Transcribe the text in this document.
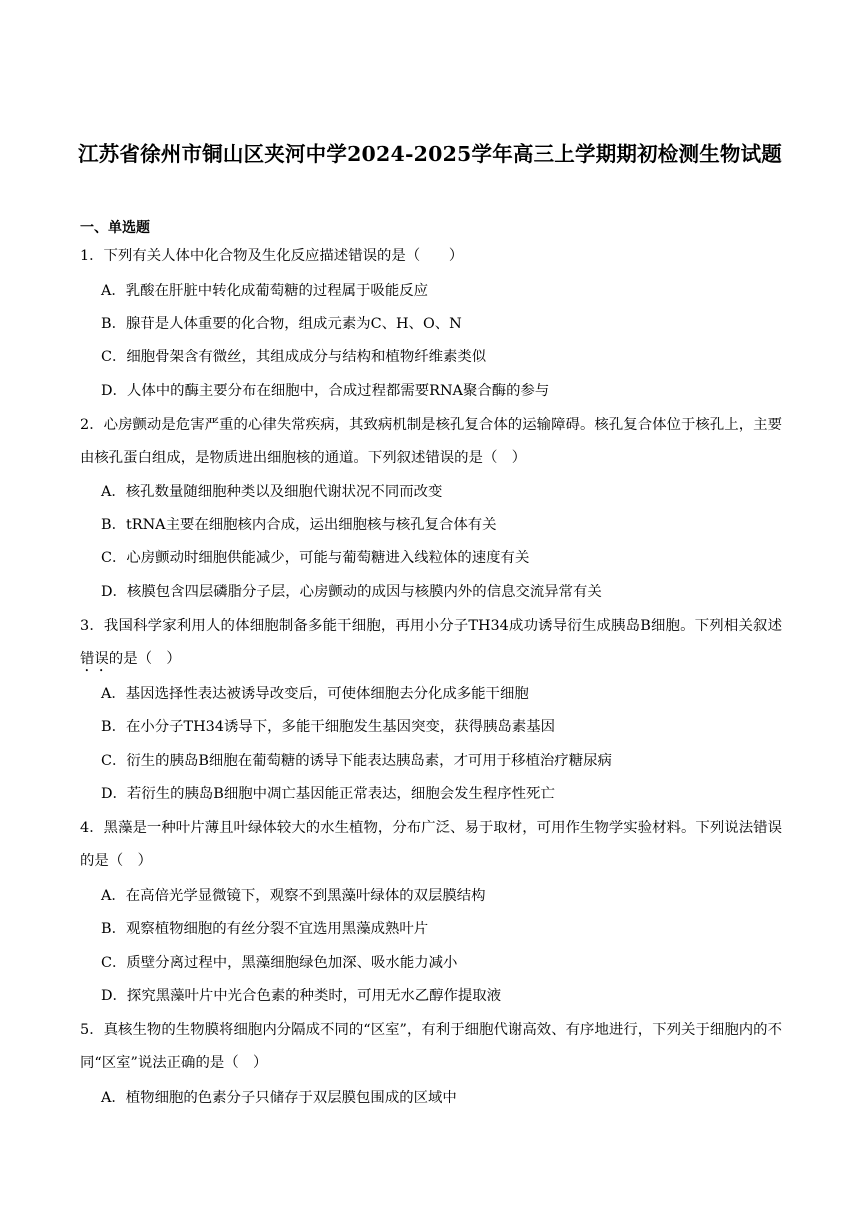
江苏省徐州市铜山区夹河中学2024-2025学年高三上学期期初检测生物试题
一、单选题
1．下列有关人体中化合物及生化反应描述错误的是（　　）
A．乳酸在肝脏中转化成葡萄糖的过程属于吸能反应
B．腺苷是人体重要的化合物，组成元素为C、H、O、N
C．细胞骨架含有微丝，其组成成分与结构和植物纤维素类似
D．人体中的酶主要分布在细胞中，合成过程都需要RNA聚合酶的参与
2．心房颤动是危害严重的心律失常疾病，其致病机制是核孔复合体的运输障碍。核孔复合体位于核孔上，主要由核孔蛋白组成，是物质进出细胞核的通道。下列叙述错误的是（　）
A．核孔数量随细胞种类以及细胞代谢状况不同而改变
B．tRNA主要在细胞核内合成，运出细胞核与核孔复合体有关
C．心房颤动时细胞供能减少，可能与葡萄糖进入线粒体的速度有关
D．核膜包含四层磷脂分子层，心房颤动的成因与核膜内外的信息交流异常有关
3．我国科学家利用人的体细胞制备多能干细胞，再用小分子TH34成功诱导衍生成胰岛B细胞。下列相关叙述错误的是（　）
A．基因选择性表达被诱导改变后，可使体细胞去分化成多能干细胞
B．在小分子TH34诱导下，多能干细胞发生基因突变，获得胰岛素基因
C．衍生的胰岛B细胞在葡萄糖的诱导下能表达胰岛素，才可用于移植治疗糖尿病
D．若衍生的胰岛B细胞中凋亡基因能正常表达，细胞会发生程序性死亡
4．黑藻是一种叶片薄且叶绿体较大的水生植物，分布广泛、易于取材，可用作生物学实验材料。下列说法错误的是（　）
A．在高倍光学显微镜下，观察不到黑藻叶绿体的双层膜结构
B．观察植物细胞的有丝分裂不宜选用黑藻成熟叶片
C．质壁分离过程中，黑藻细胞绿色加深、吸水能力减小
D．探究黑藻叶片中光合色素的种类时，可用无水乙醇作提取液
5．真核生物的生物膜将细胞内分隔成不同的“区室”，有利于细胞代谢高效、有序地进行，下列关于细胞内的不同“区室”说法正确的是（　）
A．植物细胞的色素分子只储存于双层膜包围成的区域中
